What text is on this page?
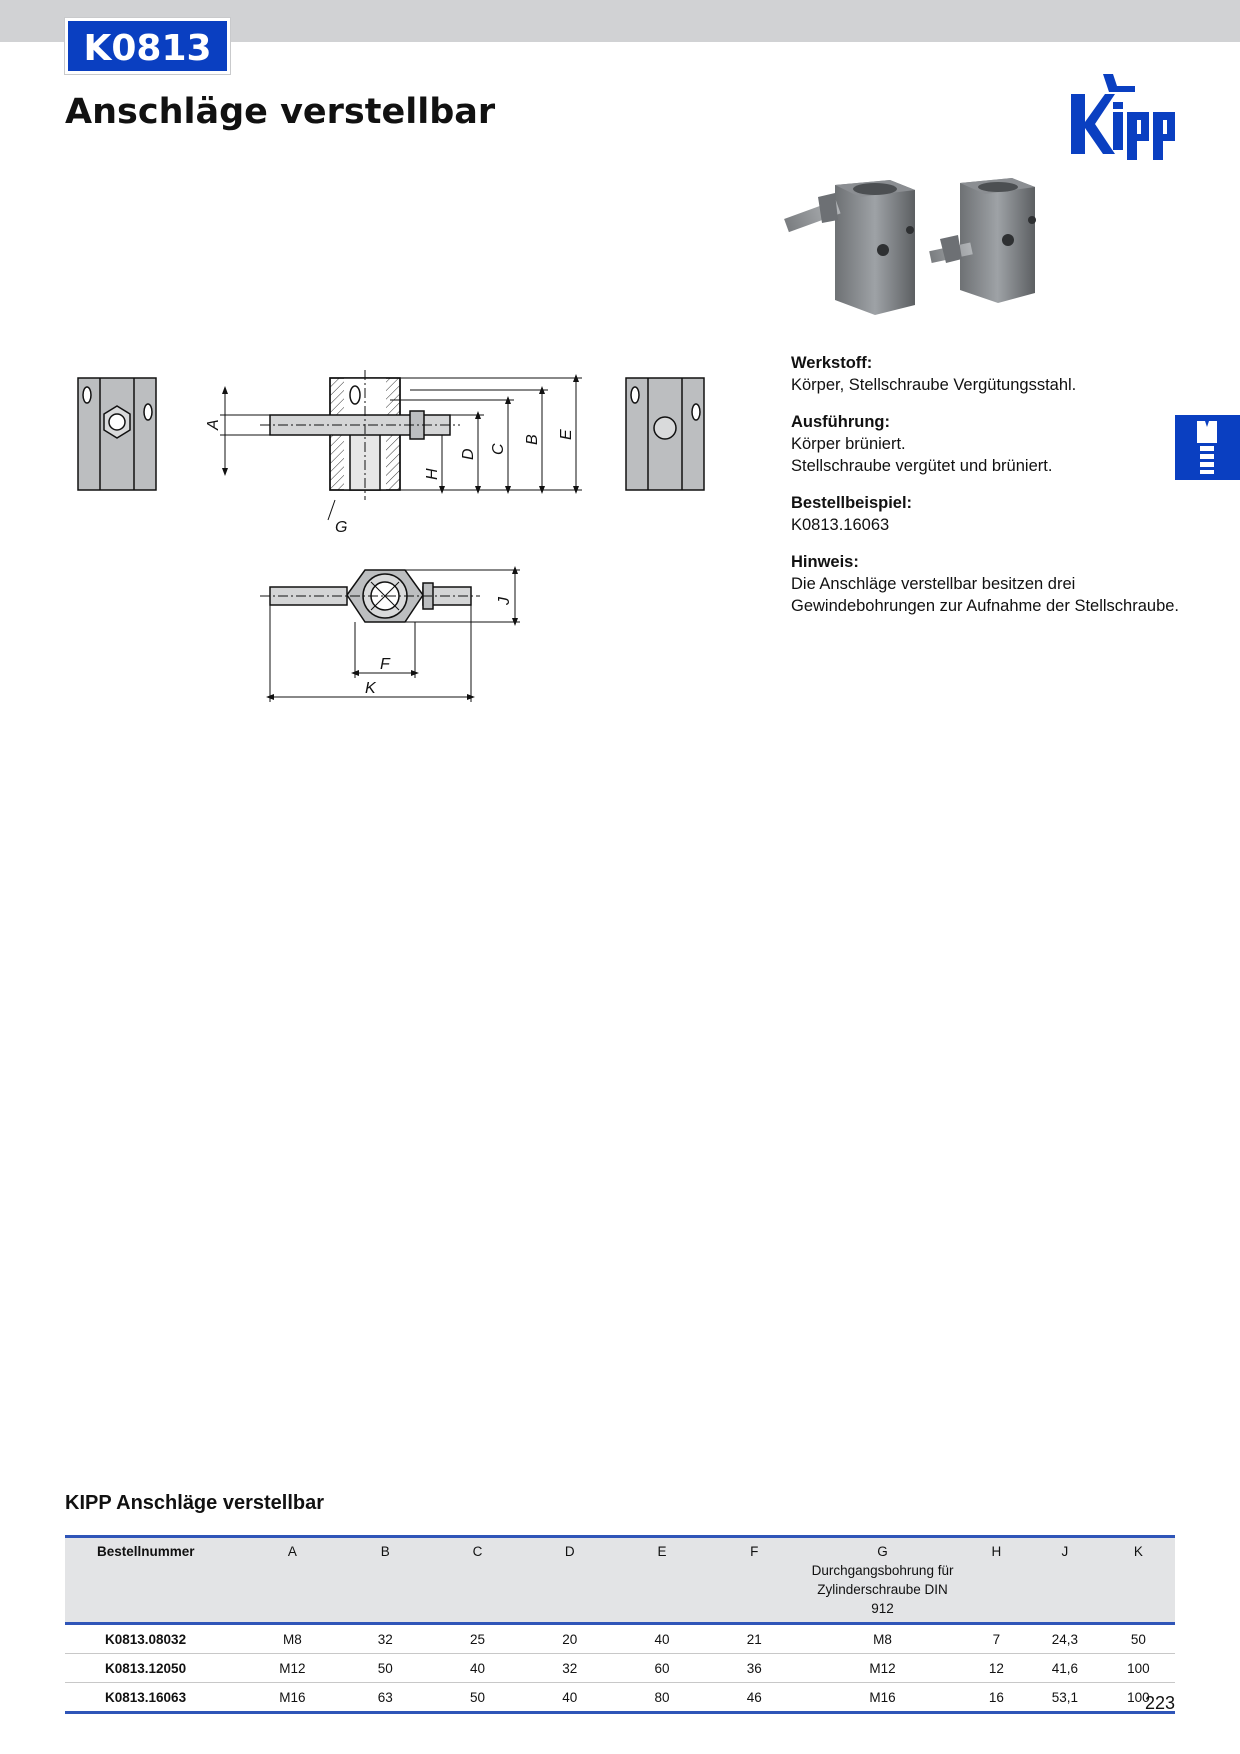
K0813
Anschläge verstellbar
A
H
D C
B E
G
J
F
K
Werkstoff:
Körper, Stellschraube Vergütungsstahl.
Ausführung:
Körper brüniert.
Stellschraube vergütet und brüniert.
Bestellbeispiel:
K0813.16063
Hinweis:
Die Anschläge verstellbar besitzen drei
Gewindebohrungen zur Aufnahme der Stellschraube.
KIPP Anschläge verstellbar
Bestellnummer	A	B	C	D	E	F	G
Durchgangsbohrung für
Zylinderschraube DIN 912	H	J	K
K0813.08032	M8	32	25	20	40	21	M8	7	24,3	50
K0813.12050	M12	50	40	32	60	36	M12	12	41,6	100
K0813.16063	M16	63	50	40	80	46	M16	16	53,1	100
223
